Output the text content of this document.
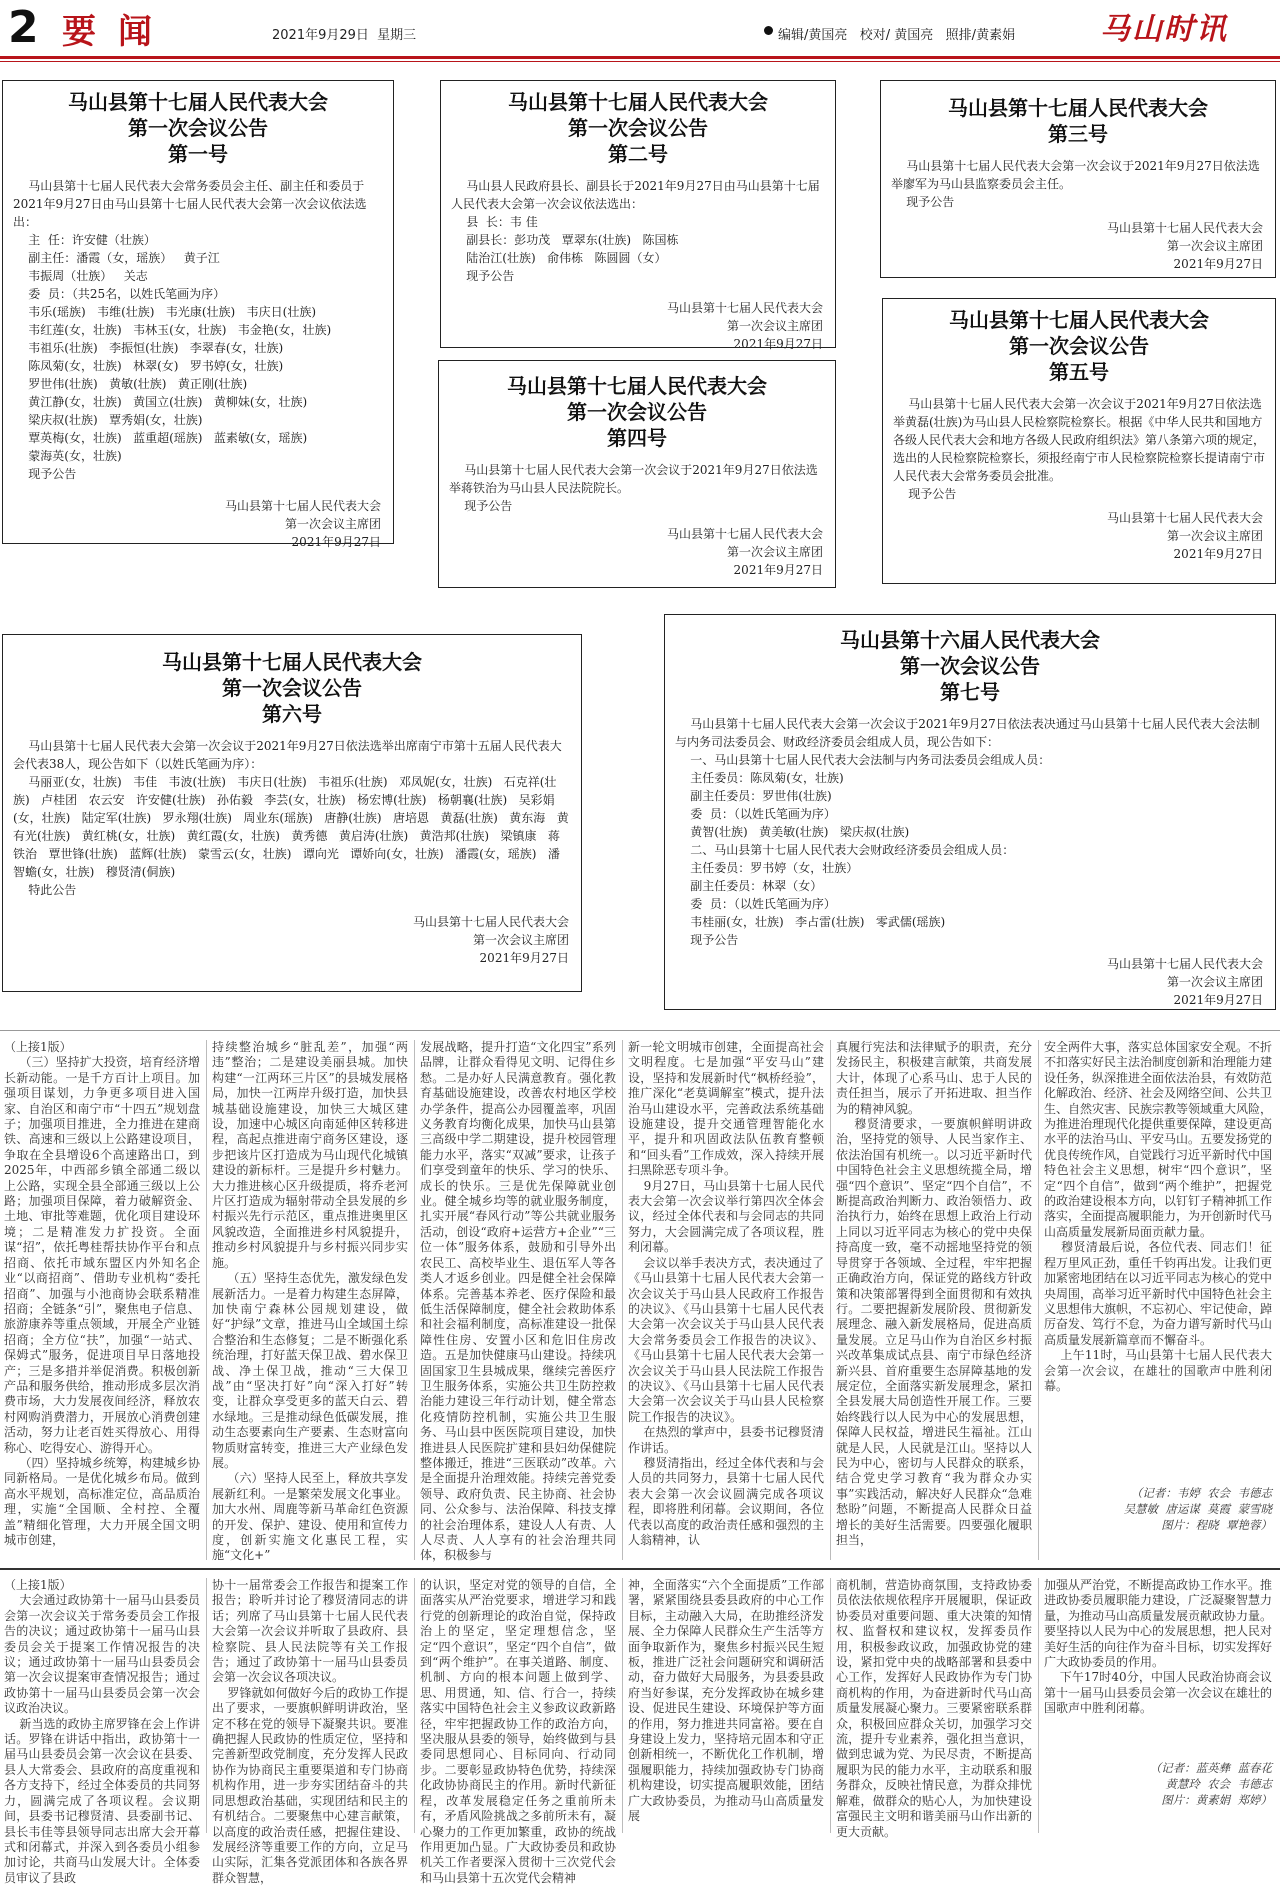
2 要闻	2021年9月29日  星期三	编辑/黄国亮   校对/ 黄国亮   照排/黄素娟	马山时讯
马山县第十七届人民代表大会
第一次会议公告
第一号
马山县第十七届人民代表大会常务委员会主任、副主任和委员于2021年9月27日由马山县第十七届人民代表大会第一次会议依法选出：
主  任：许安健（壮族）
副主任：潘霞（女，瑶族）   黄子江
韦振周（壮族）   关志
委  员：（共25名，以姓氏笔画为序）
韦乐(瑶族)   韦维(壮族)   韦光康(壮族)   韦庆日(壮族)
韦红莲(女，壮族)   韦林玉(女，壮族)   韦金艳(女，壮族)
韦祖乐(壮族)   李振恒(壮族)   李翠春(女，壮族)
陈凤菊(女，壮族)   林翠(女)   罗书婷(女，壮族)
罗世伟(壮族)   黄敏(壮族)   黄正刚(壮族)
黄江静(女，壮族)   黄国立(壮族)   黄柳妹(女，壮族)
梁庆叔(壮族)   覃秀娟(女，壮族)
覃英梅(女，壮族)   蓝重超(瑶族)   蓝素敏(女，瑶族)
蒙海英(女，壮族)
现予公告
马山县第十七届人民代表大会
第一次会议主席团
2021年9月27日
马山县第十七届人民代表大会
第一次会议公告
第二号
马山县人民政府县长、副县长于2021年9月27日由马山县第十七届人民代表大会第一次会议依法选出：
县  长：韦 佳
副县长：彭功茂   覃翠东(壮族)   陈国栋
陆治江(壮族)   俞伟栋   陈圆圆（女）
现予公告
马山县第十七届人民代表大会
第一次会议主席团
2021年9月27日
马山县第十七届人民代表大会
第三号
马山县第十七届人民代表大会第一次会议于2021年9月27日依法选举廖军为马山县监察委员会主任。
现予公告
马山县第十七届人民代表大会
第一次会议主席团
2021年9月27日
马山县第十七届人民代表大会
第一次会议公告
第四号
马山县第十七届人民代表大会第一次会议于2021年9月27日依法选举蒋铁治为马山县人民法院院长。
现予公告
马山县第十七届人民代表大会
第一次会议主席团
2021年9月27日
马山县第十七届人民代表大会
第一次会议公告
第五号
马山县第十七届人民代表大会第一次会议于2021年9月27日依法选举黄磊(壮族)为马山县人民检察院检察长。根据《中华人民共和国地方各级人民代表大会和地方各级人民政府组织法》第八条第六项的规定，选出的人民检察院检察长，须报经南宁市人民检察院检察长提请南宁市人民代表大会常务委员会批准。
现予公告
马山县第十七届人民代表大会
第一次会议主席团
2021年9月27日
马山县第十七届人民代表大会
第一次会议公告
第六号
马山县第十七届人民代表大会第一次会议于2021年9月27日依法选举出席南宁市第十五届人民代表大会代表38人，现公告如下（以姓氏笔画为序）：
马丽亚(女，壮族)   韦佳   韦波(壮族)   韦庆日(壮族)   韦祖乐(壮族)   邓凤妮(女，壮族)   石克祥(壮族)   卢桂团   农云安   许安健(壮族)   孙佑毅   李芸(女，壮族)   杨宏博(壮族)   杨朝襄(壮族)   吴彩娟(女，壮族)   陆定军(壮族)   罗永翔(壮族)   周业东(瑶族)   唐静(壮族)   唐培恩   黄磊(壮族)   黄东海   黄有光(壮族)   黄红桃(女，壮族)   黄红霞(女，壮族)   黄秀德   黄启涛(壮族)   黄浩邦(壮族)   梁镇康   蒋铁治   覃世锋(壮族)   蓝辉(壮族)   蒙雪云(女，壮族)   谭向光   谭娇向(女，壮族)   潘霞(女，瑶族)   潘智蟾(女，壮族)   穆贤清(侗族)
特此公告
马山县第十七届人民代表大会
第一次会议主席团
2021年9月27日
马山县第十六届人民代表大会
第一次会议公告
第七号
马山县第十七届人民代表大会第一次会议于2021年9月27日依法表决通过马山县第十七届人民代表大会法制与内务司法委员会、财政经济委员会组成人员，现公告如下：
一、马山县第十七届人民代表大会法制与内务司法委员会组成人员：
主任委员：陈凤菊(女，壮族)
副主任委员：罗世伟(壮族)
委  员：（以姓氏笔画为序）
黄智(壮族)   黄美敏(壮族)   梁庆叔(壮族)
二、马山县第十七届人民代表大会财政经济委员会组成人员：
主任委员：罗书婷（女，壮族）
副主任委员：林翠（女）
委  员：（以姓氏笔画为序）
韦桂丽(女，壮族)   李占雷(壮族)   零武儒(瑶族)
现予公告
马山县第十七届人民代表大会
第一次会议主席团
2021年9月27日
（上接1版）
（三）坚持扩大投资，培育经济增长新动能。一是千方百计上项目。加强项目谋划，力争更多项目进入国家、自治区和南宁市“十四五”规划盘子；加强项目推进，全力推进在建商铁、高速和三级以上公路建设项目，争取在全县增设6个高速路出口，到2025年，中西部乡镇全部通二级以上公路，实现全县全部通三级以上公路；加强项目保障，着力破解资金、土地、审批等难题，优化项目建设环境；二是精准发力扩投资。全面谋“招”，依托粤桂帮扶协作平台和点招商、依托市域东盟区内外知名企业“以商招商”、借助专业机构“委托招商”、加强与小池商协会联系精准招商；全链条“引”，聚焦电子信息、旅游康养等重点领域，开展全产业链招商；全方位“扶”，加强“一站式、保姆式”服务，促进项目早日落地投产；三是多措并举促消费。积极创新产品和服务供给，推动形成多层次消费市场，大力发展夜间经济，释放农村网购消费潜力，开展放心消费创建活动，努力让老百姓买得放心、用得称心、吃得安心、游得开心。
（四）坚持城乡统筹，构建城乡协同新格局。一是优化城乡布局。做到高水平规划，高标准定位，高品质治理，实施“全国顺、全村控、全覆盖”精细化管理，大力开展全国文明城市创建，
持续整治城乡“脏乱差”，加强“两违”整治；二是建设美丽县城。加快构建“一江两环三片区”的县城发展格局，加快一江两岸升级打造，加快县城基础设施建设，加快三大城区建设，加速中心城区向南延伸区转移进程，高起点推进南宁商务区建设，逐步把该片区打造成为马山现代化城镇建设的新标杆。三是提升乡村魅力。大力推进核心区升级提质，将乔老河片区打造成为辐射带动全县发展的乡村振兴先行示范区，重点推进奥里区风貌改造，全面推进乡村风貌提升，推动乡村风貌提升与乡村振兴同步实施。
（五）坚持生态优先，激发绿色发展新活力。一是着力构建生态屏障，加快南宁森林公园规划建设，做好“护绿”文章，推进马山全域国土综合整治和生态修复；二是不断强化系统治理，打好蓝天保卫战、碧水保卫战、净土保卫战，推动“三大保卫战”由“坚决打好”向“深入打好”转变，让群众享受更多的蓝天白云、碧水绿地。三是推动绿色低碳发展，推动生态要素向生产要素、生态财富向物质财富转变，推进三大产业绿色发展。
（六）坚持人民至上，释放共享发展新红利。一是繁荣发展文化事业。加大水州、周鹿等新马革命红色资源的开发、保护、建设、使用和宣传力度，创新实施文化惠民工程，实施“文化+”
发展战略，提升打造“文化四宝”系列品牌，让群众看得见文明、记得住乡愁。二是办好人民满意教育。强化教育基础设施建设，改善农村地区学校办学条件，提高公办园覆盖率，巩固义务教育均衡化成果，加快马山县第三高级中学二期建设，提升校园管理能力水平，落实“双减”要求，让孩子们享受到童年的快乐、学习的快乐、成长的快乐。三是优先保障就业创业。健全城乡均等的就业服务制度，扎实开展“春风行动”等公共就业服务活动，创设“政府+运营方+企业”“三位一体”服务体系，鼓励和引导外出农民工、高校毕业生、退伍军人等各类人才返乡创业。四是健全社会保障体系。完善基本养老、医疗保险和最低生活保障制度，健全社会救助体系和社会福利制度，高标准建设一批保障性住房、安置小区和危旧住房改造。五是加快健康马山建设。持续巩固国家卫生县城成果，继续完善医疗卫生服务体系，实施公共卫生防控救治能力建设三年行动计划，健全常态化疫情防控机制，实施公共卫生服务、马山县中医医院项目建设，加快推进县人民医院扩建和县妇幼保健院整体搬迁，推进“三医联动”改革。六是全面提升治理效能。持续完善党委领导、政府负责、民主协商、社会协同、公众参与、法治保障、科技支撑的社会治理体系，建设人人有责、人人尽责、人人享有的社会治理共同体，积极参与
新一轮文明城市创建，全面提高社会文明程度。七是加强“平安马山”建设，坚持和发展新时代“枫桥经验”，推广深化“老莫调解室”模式，提升法治马山建设水平，完善政法系统基础设施建设，提升交通管理智能化水平，提升和巩固政法队伍教育整顿和“回头看”工作成效，深入持续开展扫黑除恶专项斗争。
9月27日，马山县第十七届人民代表大会第一次会议举行第四次全体会议，经过全体代表和与会同志的共同努力，大会圆满完成了各项议程，胜利闭幕。
会议以举手表决方式，表决通过了《马山县第十七届人民代表大会第一次会议关于马山县人民政府工作报告的决议》、《马山县第十七届人民代表大会第一次会议关于马山县人民代表大会常务委员会工作报告的决议》、《马山县第十七届人民代表大会第一次会议关于马山县人民法院工作报告的决议》、《马山县第十七届人民代表大会第一次会议关于马山县人民检察院工作报告的决议》。
在热烈的掌声中，县委书记穆贤清作讲话。
穆贤清指出，经过全体代表和与会人员的共同努力，县第十七届人民代表大会第一次会议圆满完成各项议程，即将胜利闭幕。会议期间，各位代表以高度的政治责任感和强烈的主人翁精神，认
真履行宪法和法律赋予的职责，充分发扬民主，积极建言献策，共商发展大计，体现了心系马山、忠于人民的责任担当，展示了开拓进取、担当作为的精神风貌。
穆贤清要求，一要旗帜鲜明讲政治，坚持党的领导、人民当家作主、依法治国有机统一。以习近平新时代中国特色社会主义思想统揽全局，增强“四个意识”、坚定“四个自信”，不断提高政治判断力、政治领悟力、政治执行力，始终在思想上政治上行动上同以习近平同志为核心的党中央保持高度一致，毫不动摇地坚持党的领导贯穿于各领域、全过程，牢牢把握正确政治方向，保证党的路线方针政策和决策部署得到全面贯彻和有效执行。二要把握新发展阶段、贯彻新发展理念、融入新发展格局，促进高质量发展。立足马山作为自治区乡村振兴改革集成试点县、南宁市绿色经济新兴县、首府重要生态屏障基地的发展定位，全面落实新发展理念，紧扣全县发展大局创造性开展工作。三要始终践行以人民为中心的发展思想，保障人民权益，增进民生福祉。江山就是人民，人民就是江山。坚持以人民为中心，密切与人民群众的联系，结合党史学习教育“我为群众办实事”实践活动，解决好人民群众“急难愁盼”问题，不断提高人民群众日益增长的美好生活需要。四要强化履职担当，
安全两件大事，落实总体国家安全观。不折不扣落实好民主法治制度创新和治理能力建设任务，纵深推进全面依法治县，有效防范化解政治、经济、社会及网络空间、公共卫生、自然灾害、民族宗教等领域重大风险，为推进治理现代化提供重要保障，建设更高水平的法治马山、平安马山。五要发扬党的优良传统作风，自觉践行习近平新时代中国特色社会主义思想，树牢“四个意识”，坚定“四个自信”，做到“两个维护”，把握党的政治建设根本方向，以钉钉子精神抓工作落实，全面提高履职能力，为开创新时代马山高质量发展新局面贡献力量。
穆贤清最后说，各位代表、同志们！征程万里风正劲，重任千钧再出发。让我们更加紧密地团结在以习近平同志为核心的党中央周围，高举习近平新时代中国特色社会主义思想伟大旗帜，不忘初心、牢记使命，踔厉奋发、笃行不怠，为奋力谱写新时代马山高质量发展新篇章而不懈奋斗。
上午11时，马山县第十七届人民代表大会第一次会议，在雄壮的国歌声中胜利闭幕。
（记者：韦婷  农会  韦德志
吴慧敏  唐运谋  莫霞  蒙雪晓
图片：程晓  覃艳蓉）
（上接1版）
大会通过政协第十一届马山县委员会第一次会议关于常务委员会工作报告的决议；通过政协第十一届马山县委员会关于提案工作情况报告的决议；通过政协第十一届马山县委员会第一次会议提案审查情况报告；通过政协第十一届马山县委员会第一次会议政治决议。
新当选的政协主席罗锋在会上作讲话。罗锋在讲话中指出，政协第十一届马山县委员会第一次会议在县委、县人大常委会、县政府的高度重视和各方支持下，经过全体委员的共同努力，圆满完成了各项议程。会议期间，县委书记穆贤清、县委副书记、县长韦佳等县领导同志出席大会开幕式和闭幕式，并深入到各委员小组参加讨论，共商马山发展大计。全体委员审议了县政
协十一届常委会工作报告和提案工作报告；聆听并讨论了穆贤清同志的讲话；列席了马山县第十七届人民代表大会第一次会议并听取了县政府、县检察院、县人民法院等有关工作报告；通过了政协第十一届马山县委员会第一次会议各项决议。
罗锋就如何做好今后的政协工作提出了要求，一要旗帜鲜明讲政治，坚定不移在党的领导下凝聚共识。要准确把握人民政协的性质定位，坚持和完善新型政党制度，充分发挥人民政协作为协商民主重要渠道和专门协商机构作用，进一步夯实团结奋斗的共同思想政治基础，实现团结和民主的有机结合。二要聚焦中心建言献策，以高度的政治责任感，把握住建设、发展经济等重要工作的方向，立足马山实际，汇集各党派团体和各族各界群众智慧，
的认识，坚定对党的领导的自信，全面落实从严治党要求，增进学习和践行党的创新理论的政治自觉，保持政治上的坚定，坚定理想信念，坚定“四个意识”，坚定“四个自信”，做到“两个维护”。在事关道路、制度、机制、方向的根本问题上做到学、思、用贯通，知、信、行合一，持续落实中国特色社会主义参政议政新路径，牢牢把握政协工作的政治方向，坚决服从县委的领导，始终做到与县委同思想同心、目标同向、行动同步。二要彰显政协特色优势，持续深化政协协商民主的作用。新时代新征程，改革发展稳定任务之重前所未有，矛盾风险挑战之多前所未有，凝心聚力的工作更加繁重，政协的统战作用更加凸显。广大政协委员和政协机关工作者要深入贯彻十三次党代会和马山县第十五次党代会精神
神，全面落实“六个全面提质”工作部署，紧紧围绕县委县政府的中心工作目标，主动融入大局，在助推经济发展、全力保障人民群众生产生活等方面争取新作为，聚焦乡村振兴民生短板，推进广泛社会问题研究和调研活动，奋力做好大局服务，为县委县政府当好参谋，充分发挥政协在城乡建设、促进民生建设、环境保护等方面的作用，努力推进共同富裕。要在自身建设上发力，坚持培元固本和守正创新相统一，不断优化工作机制，增强履职能力，持续加强政协专门协商机构建设，切实提高履职效能，团结广大政协委员，为推动马山高质量发展
商机制，营造协商氛围，支持政协委员依法依规依程序开展履职，保证政协委员对重要问题、重大决策的知情权、监督权和建议权，发挥委员作用，积极参政议政，加强政协党的建设，紧扣党中央的战略部署和县委中心工作，发挥好人民政协作为专门协商机构的作用，为奋进新时代马山高质量发展凝心聚力。三要紧密联系群众，积极回应群众关切，加强学习交流，提升专业素养，强化担当意识，做到忠诚为党、为民尽责，不断提高履职为民的能力水平，主动联系和服务群众，反映社情民意，为群众排忧解难，做群众的贴心人，为加快建设富强民主文明和谐美丽马山作出新的更大贡献。
加强从严治党，不断提高政协工作水平。推进政协委员履职能力建设，广泛凝聚智慧力量，为推动马山高质量发展贡献政协力量。要坚持以人民为中心的发展思想，把人民对美好生活的向往作为奋斗目标，切实发挥好广大政协委员的作用。
下午17时40分，中国人民政治协商会议第十一届马山县委员会第一次会议在雄壮的国歌声中胜利闭幕。
（记者：蓝英彝  蓝春花
黄慧玲  农会  韦德志
图片：黄素娟  郑婷）
